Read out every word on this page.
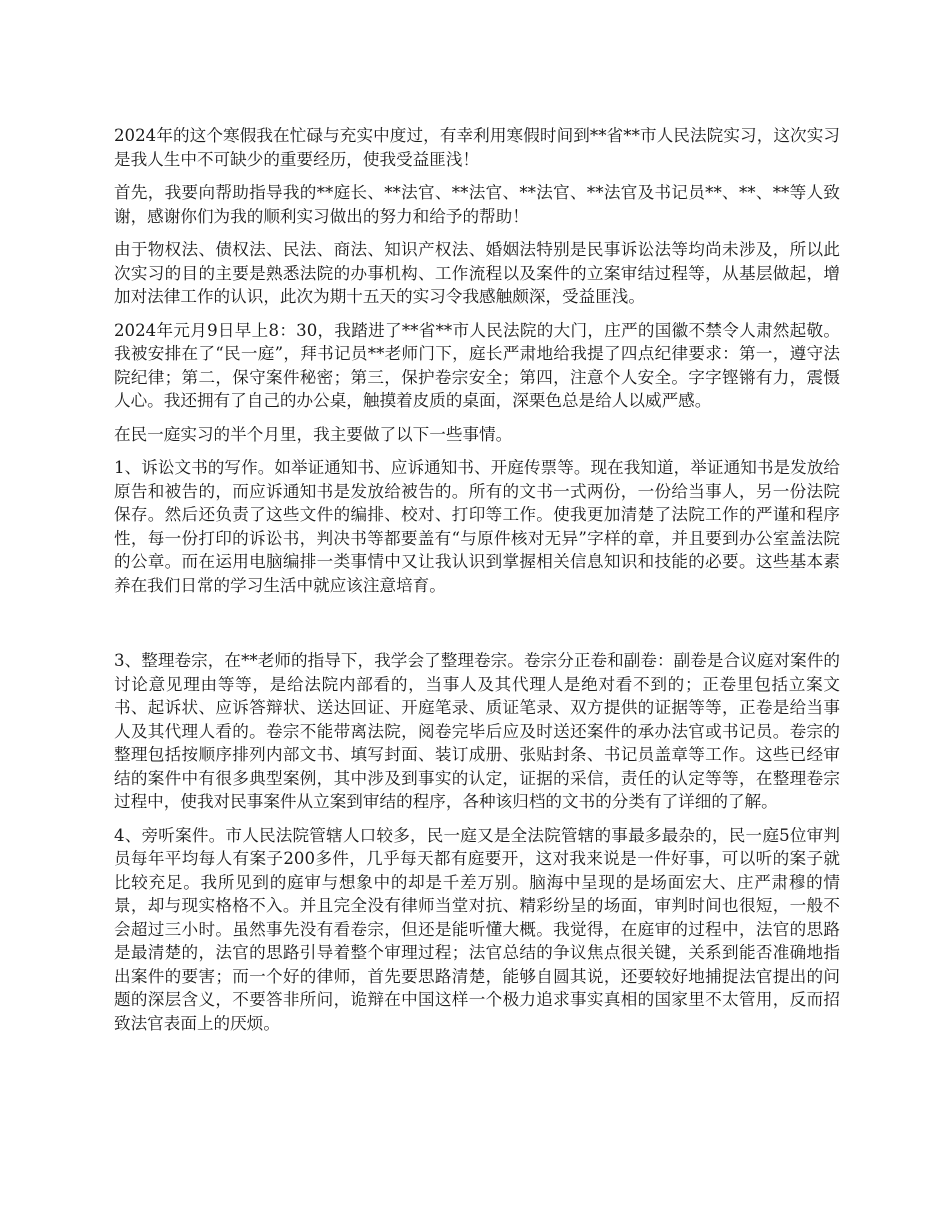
2024年的这个寒假我在忙碌与充实中度过，有幸利用寒假时间到**省**市人民法院实习，这次实习是我人生中不可缺少的重要经历，使我受益匪浅！

首先，我要向帮助指导我的**庭长、**法官、**法官、**法官、**法官及书记员**、**、**等人致谢，感谢你们为我的顺利实习做出的努力和给予的帮助！

由于物权法、债权法、民法、商法、知识产权法、婚姻法特别是民事诉讼法等均尚未涉及，所以此次实习的目的主要是熟悉法院的办事机构、工作流程以及案件的立案审结过程等，从基层做起，增加对法律工作的认识，此次为期十五天的实习令我感触颇深，受益匪浅。

2024年元月9日早上8：30，我踏进了**省**市人民法院的大门，庄严的国徽不禁令人肃然起敬。我被安排在了“民一庭”，拜书记员**老师门下，庭长严肃地给我提了四点纪律要求：第一，遵守法院纪律；第二，保守案件秘密；第三，保护卷宗安全；第四，注意个人安全。字字铿锵有力，震慑人心。我还拥有了自己的办公桌，触摸着皮质的桌面，深栗色总是给人以威严感。

在民一庭实习的半个月里，我主要做了以下一些事情。

1、诉讼文书的写作。如举证通知书、应诉通知书、开庭传票等。现在我知道，举证通知书是发放给原告和被告的，而应诉通知书是发放给被告的。所有的文书一式两份，一份给当事人，另一份法院保存。然后还负责了这些文件的编排、校对、打印等工作。使我更加清楚了法院工作的严谨和程序性，每一份打印的诉讼书，判决书等都要盖有“与原件核对无异”字样的章，并且要到办公室盖法院的公章。而在运用电脑编排一类事情中又让我认识到掌握相关信息知识和技能的必要。这些基本素养在我们日常的学习生活中就应该注意培育。

3、整理卷宗，在**老师的指导下，我学会了整理卷宗。卷宗分正卷和副卷：副卷是合议庭对案件的讨论意见理由等等，是给法院内部看的，当事人及其代理人是绝对看不到的；正卷里包括立案文书、起诉状、应诉答辩状、送达回证、开庭笔录、质证笔录、双方提供的证据等等，正卷是给当事人及其代理人看的。卷宗不能带离法院，阅卷完毕后应及时送还案件的承办法官或书记员。卷宗的整理包括按顺序排列内部文书、填写封面、装订成册、张贴封条、书记员盖章等工作。这些已经审结的案件中有很多典型案例，其中涉及到事实的认定，证据的采信，责任的认定等等，在整理卷宗过程中，使我对民事案件从立案到审结的程序，各种该归档的文书的分类有了详细的了解。

4、旁听案件。市人民法院管辖人口较多，民一庭又是全法院管辖的事最多最杂的，民一庭5位审判员每年平均每人有案子200多件，几乎每天都有庭要开，这对我来说是一件好事，可以听的案子就比较充足。我所见到的庭审与想象中的却是千差万别。脑海中呈现的是场面宏大、庄严肃穆的情景，却与现实格格不入。并且完全没有律师当堂对抗、精彩纷呈的场面，审判时间也很短，一般不会超过三小时。虽然事先没有看卷宗，但还是能听懂大概。我觉得，在庭审的过程中，法官的思路是最清楚的，法官的思路引导着整个审理过程；法官总结的争议焦点很关键，关系到能否准确地指出案件的要害；而一个好的律师，首先要思路清楚，能够自圆其说，还要较好地捕捉法官提出的问题的深层含义，不要答非所问，诡辩在中国这样一个极力追求事实真相的国家里不太管用，反而招致法官表面上的厌烦。
